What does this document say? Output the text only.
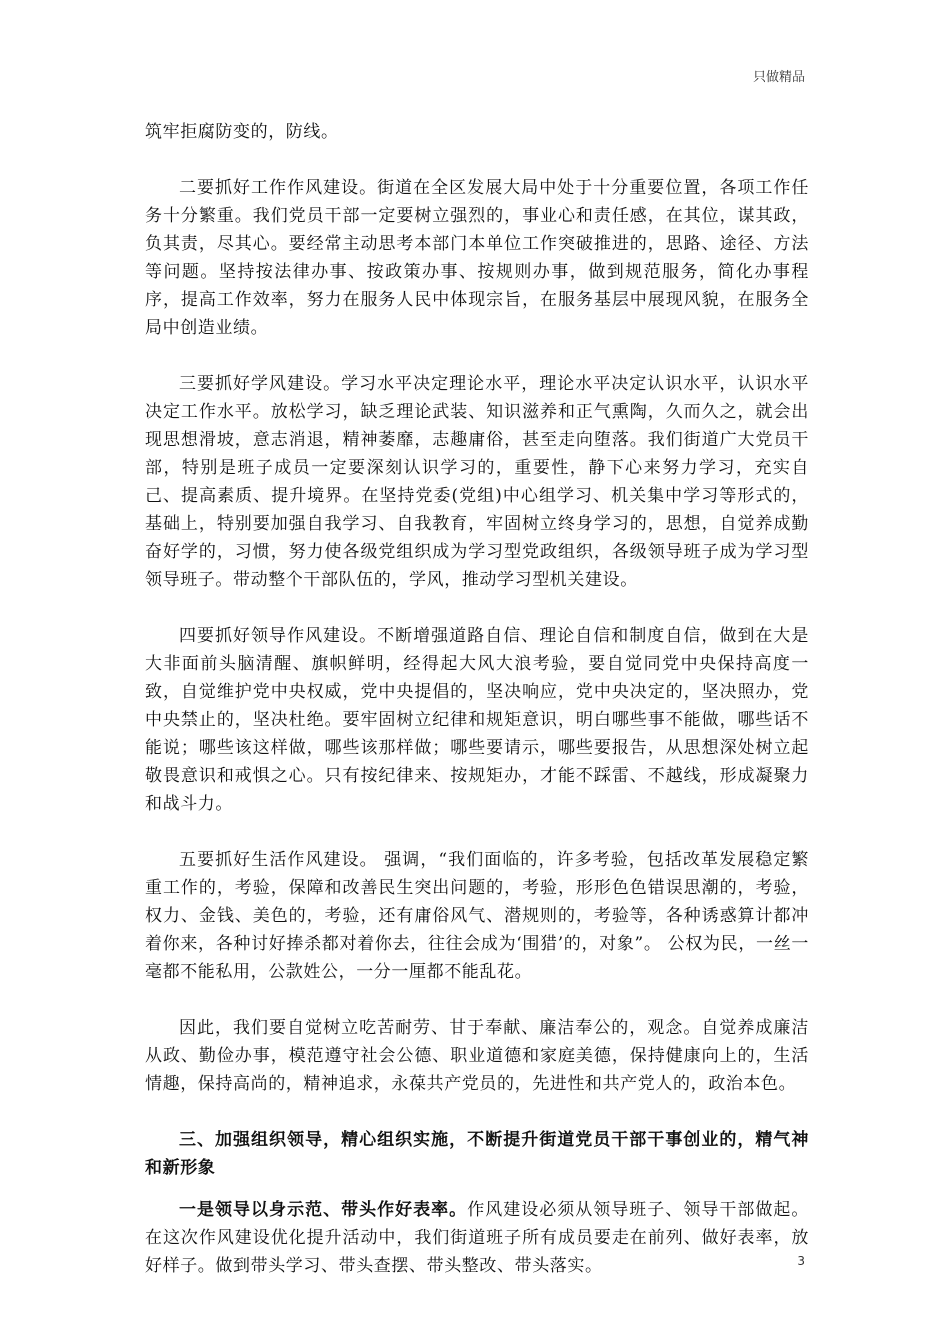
只做精品

筑牢拒腐防变的，防线。

二要抓好工作作风建设。街道在全区发展大局中处于十分重要位置，各项工作任务十分繁重。我们党员干部一定要树立强烈的，事业心和责任感，在其位，谋其政，负其责，尽其心。要经常主动思考本部门本单位工作突破推进的，思路、途径、方法等问题。坚持按法律办事、按政策办事、按规则办事，做到规范服务，简化办事程序，提高工作效率，努力在服务人民中体现宗旨，在服务基层中展现风貌，在服务全局中创造业绩。

三要抓好学风建设。学习水平决定理论水平，理论水平决定认识水平，认识水平决定工作水平。放松学习，缺乏理论武装、知识滋养和正气熏陶，久而久之，就会出现思想滑坡，意志消退，精神萎靡，志趣庸俗，甚至走向堕落。我们街道广大党员干部，特别是班子成员一定要深刻认识学习的，重要性，静下心来努力学习，充实自己、提高素质、提升境界。在坚持党委(党组)中心组学习、机关集中学习等形式的，基础上，特别要加强自我学习、自我教育，牢固树立终身学习的，思想，自觉养成勤奋好学的，习惯，努力使各级党组织成为学习型党政组织，各级领导班子成为学习型领导班子。带动整个干部队伍的，学风，推动学习型机关建设。

四要抓好领导作风建设。不断增强道路自信、理论自信和制度自信，做到在大是大非面前头脑清醒、旗帜鲜明，经得起大风大浪考验，要自觉同党中央保持高度一致，自觉维护党中央权威，党中央提倡的，坚决响应，党中央决定的，坚决照办，党中央禁止的，坚决杜绝。要牢固树立纪律和规矩意识，明白哪些事不能做，哪些话不能说；哪些该这样做，哪些该那样做；哪些要请示，哪些要报告，从思想深处树立起敬畏意识和戒惧之心。只有按纪律来、按规矩办，才能不踩雷、不越线，形成凝聚力和战斗力。

五要抓好生活作风建设。 强调，“我们面临的，许多考验，包括改革发展稳定繁重工作的，考验，保障和改善民生突出问题的，考验，形形色色错误思潮的，考验，权力、金钱、美色的，考验，还有庸俗风气、潜规则的，考验等，各种诱惑算计都冲着你来，各种讨好捧杀都对着你去，往往会成为‘围猎’的，对象”。 公权为民，一丝一毫都不能私用，公款姓公，一分一厘都不能乱花。

因此，我们要自觉树立吃苦耐劳、甘于奉献、廉洁奉公的，观念。自觉养成廉洁从政、勤俭办事，模范遵守社会公德、职业道德和家庭美德，保持健康向上的，生活情趣，保持高尚的，精神追求，永葆共产党员的，先进性和共产党人的，政治本色。

三、加强组织领导，精心组织实施，不断提升街道党员干部干事创业的，精气神和新形象

一是领导以身示范、带头作好表率。作风建设必须从领导班子、领导干部做起。在这次作风建设优化提升活动中，我们街道班子所有成员要走在前列、做好表率，放好样子。做到带头学习、带头查摆、带头整改、带头落实。	3
